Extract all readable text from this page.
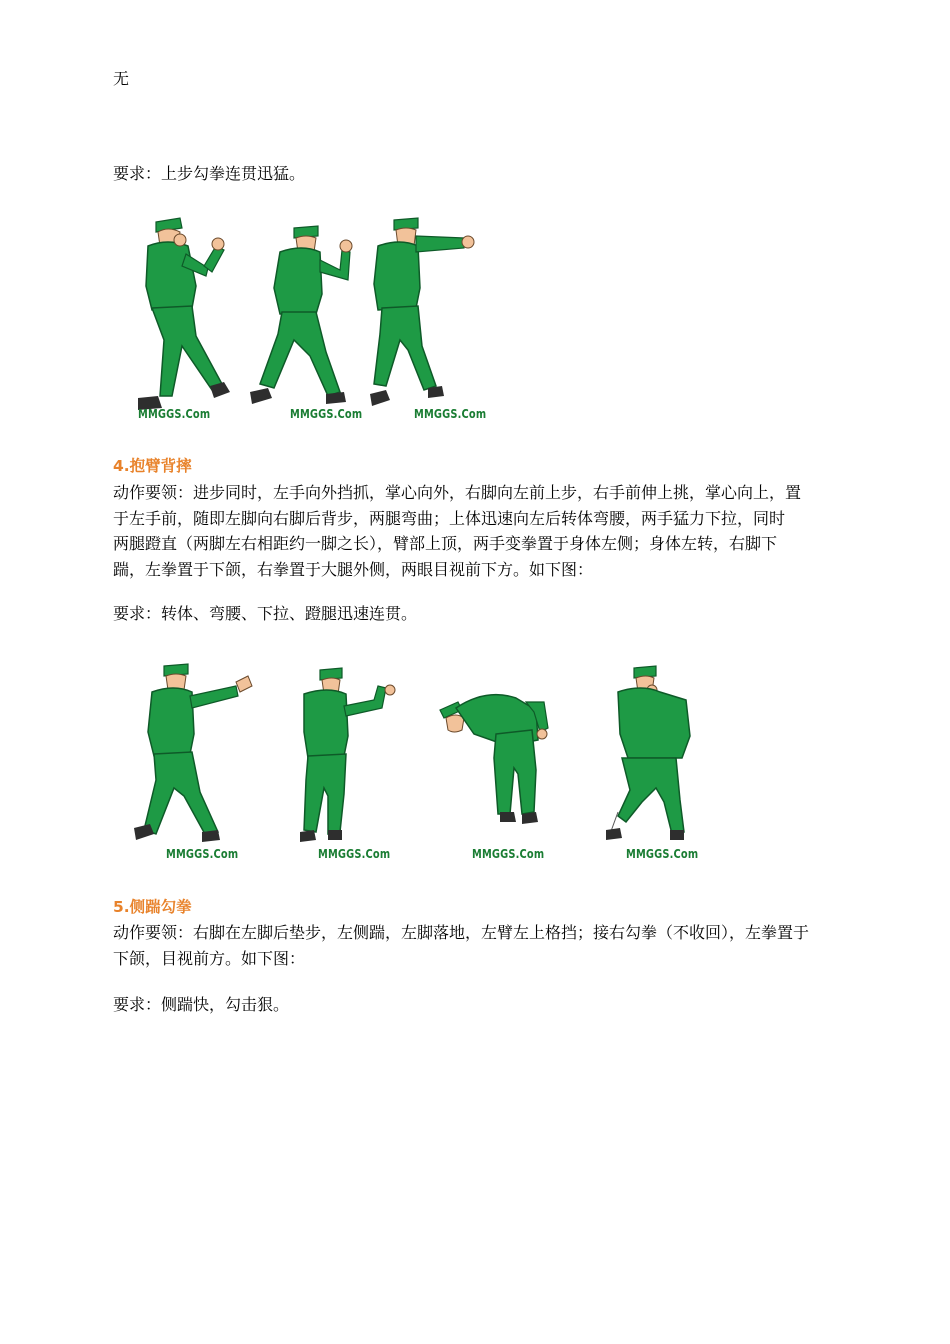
无
要求：上步勾拳连贯迅猛。
MMGGS.Com	MMGGS.Com	MMGGS.Com
4.抱臂背摔
动作要领：进步同时，左手向外挡抓，掌心向外，右脚向左前上步，右手前伸上挑，掌心向上，置
于左手前，随即左脚向右脚后背步，两腿弯曲；上体迅速向左后转体弯腰，两手猛力下拉，同时
两腿蹬直（两脚左右相距约一脚之长），臂部上顶，两手变拳置于身体左侧；身体左转，右脚下
踹，左拳置于下颌，右拳置于大腿外侧，两眼目视前下方。如下图：
要求：转体、弯腰、下拉、蹬腿迅速连贯。
MMGGS.Com	MMGGS.Com	MMGGS.Com	MMGGS.Com
5.侧踹勾拳
动作要领：右脚在左脚后垫步，左侧踹，左脚落地，左臂左上格挡；接右勾拳（不收回），左拳置于
下颌，目视前方。如下图：
要求：侧踹快，勾击狠。
